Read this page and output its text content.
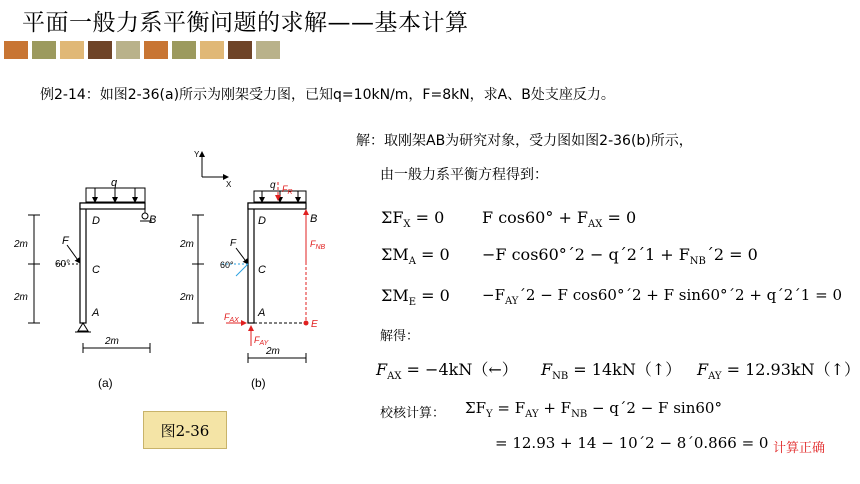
平面一般力系平衡问题的求解——基本计算
例2-14：如图2-36(a)所示为刚架受力图，已知q=10kN/m，F=8kN，求A、B处支座反力。
解：取刚架AB为研究对象，受力图如图2-36(b)所示，
由一般力系平衡方程得到：
$\Sigma F_X = 0$ F $\cos 60^\circ + F_{AX} = 0$
$\Sigma M_A = 0 -F$ cos60°´2 − q´2´1 + $F_{NB}´2 = 0$
$\Sigma M_E = 0$ $-F_{AY}´2 - F$ cos60°´2 + F sin60°´2 + q´2´1 = 0
解得：
$F_{AX}$ = −4kN（←） $F_{NB}$ = 14kN（↑） $F_{AY}$ = 12.93kN（↑）
校核计算： $\Sigma F_Y = F_{AY} + F_{NB}$ − q´2 − F sin60°
= 12.93 + 14 − 10´2 − 8´0.866 = 0 计算正确
图2-36
q
F
60°
D	B
C
A
2m
2m
2m
(a)
Y
X	q $F_R$
$F_{NB}$
F
60°
D	B
C
A
E
$F_{AX}$
$F_{AY}$
2m
2m
2m
(b)
